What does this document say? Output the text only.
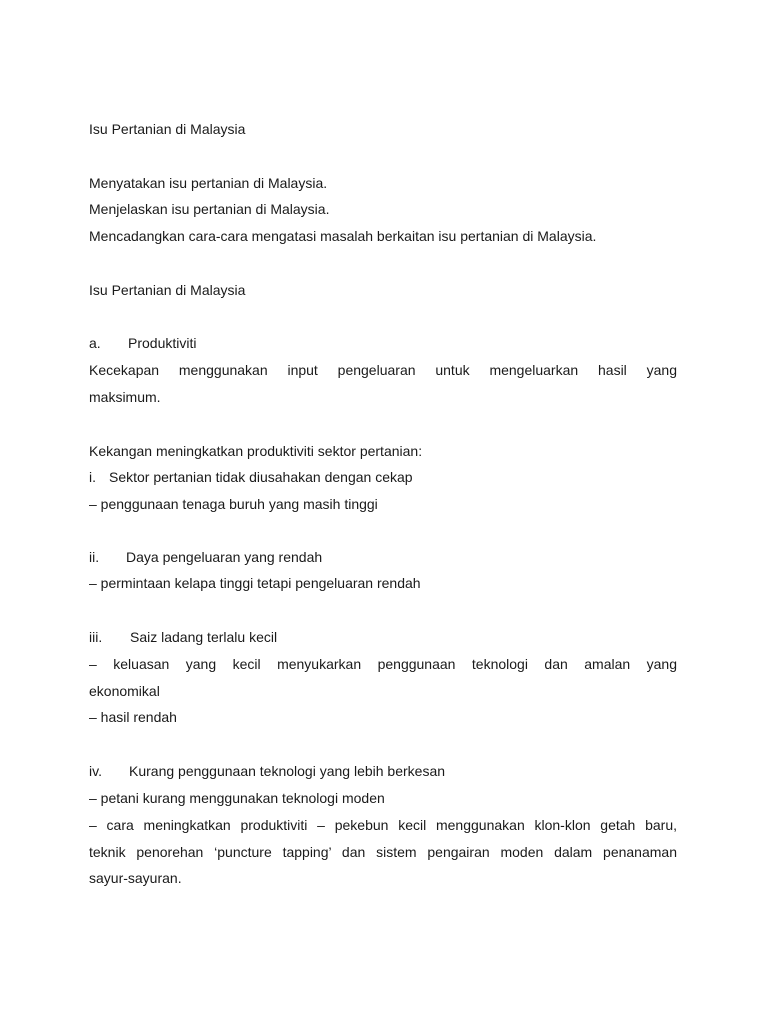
Isu Pertanian di Malaysia

Menyatakan isu pertanian di Malaysia.

Menjelaskan isu pertanian di Malaysia.

Mencadangkan cara-cara mengatasi masalah berkaitan isu pertanian di Malaysia.

Isu Pertanian di Malaysia

a. Produktiviti

Kecekapan menggunakan input pengeluaran untuk mengeluarkan hasil yang

maksimum.

Kekangan meningkatkan produktiviti sektor pertanian:

i. Sektor pertanian tidak diusahakan dengan cekap

– penggunaan tenaga buruh yang masih tinggi

ii. Daya pengeluaran yang rendah

– permintaan kelapa tinggi tetapi pengeluaran rendah

iii. Saiz ladang terlalu kecil

– keluasan yang kecil menyukarkan penggunaan teknologi dan amalan yang

ekonomikal

– hasil rendah

iv. Kurang penggunaan teknologi yang lebih berkesan

– petani kurang menggunakan teknologi moden

– cara meningkatkan produktiviti – pekebun kecil menggunakan klon-klon getah baru,

teknik penorehan ‘puncture tapping’ dan sistem pengairan moden dalam penanaman

sayur-sayuran.
